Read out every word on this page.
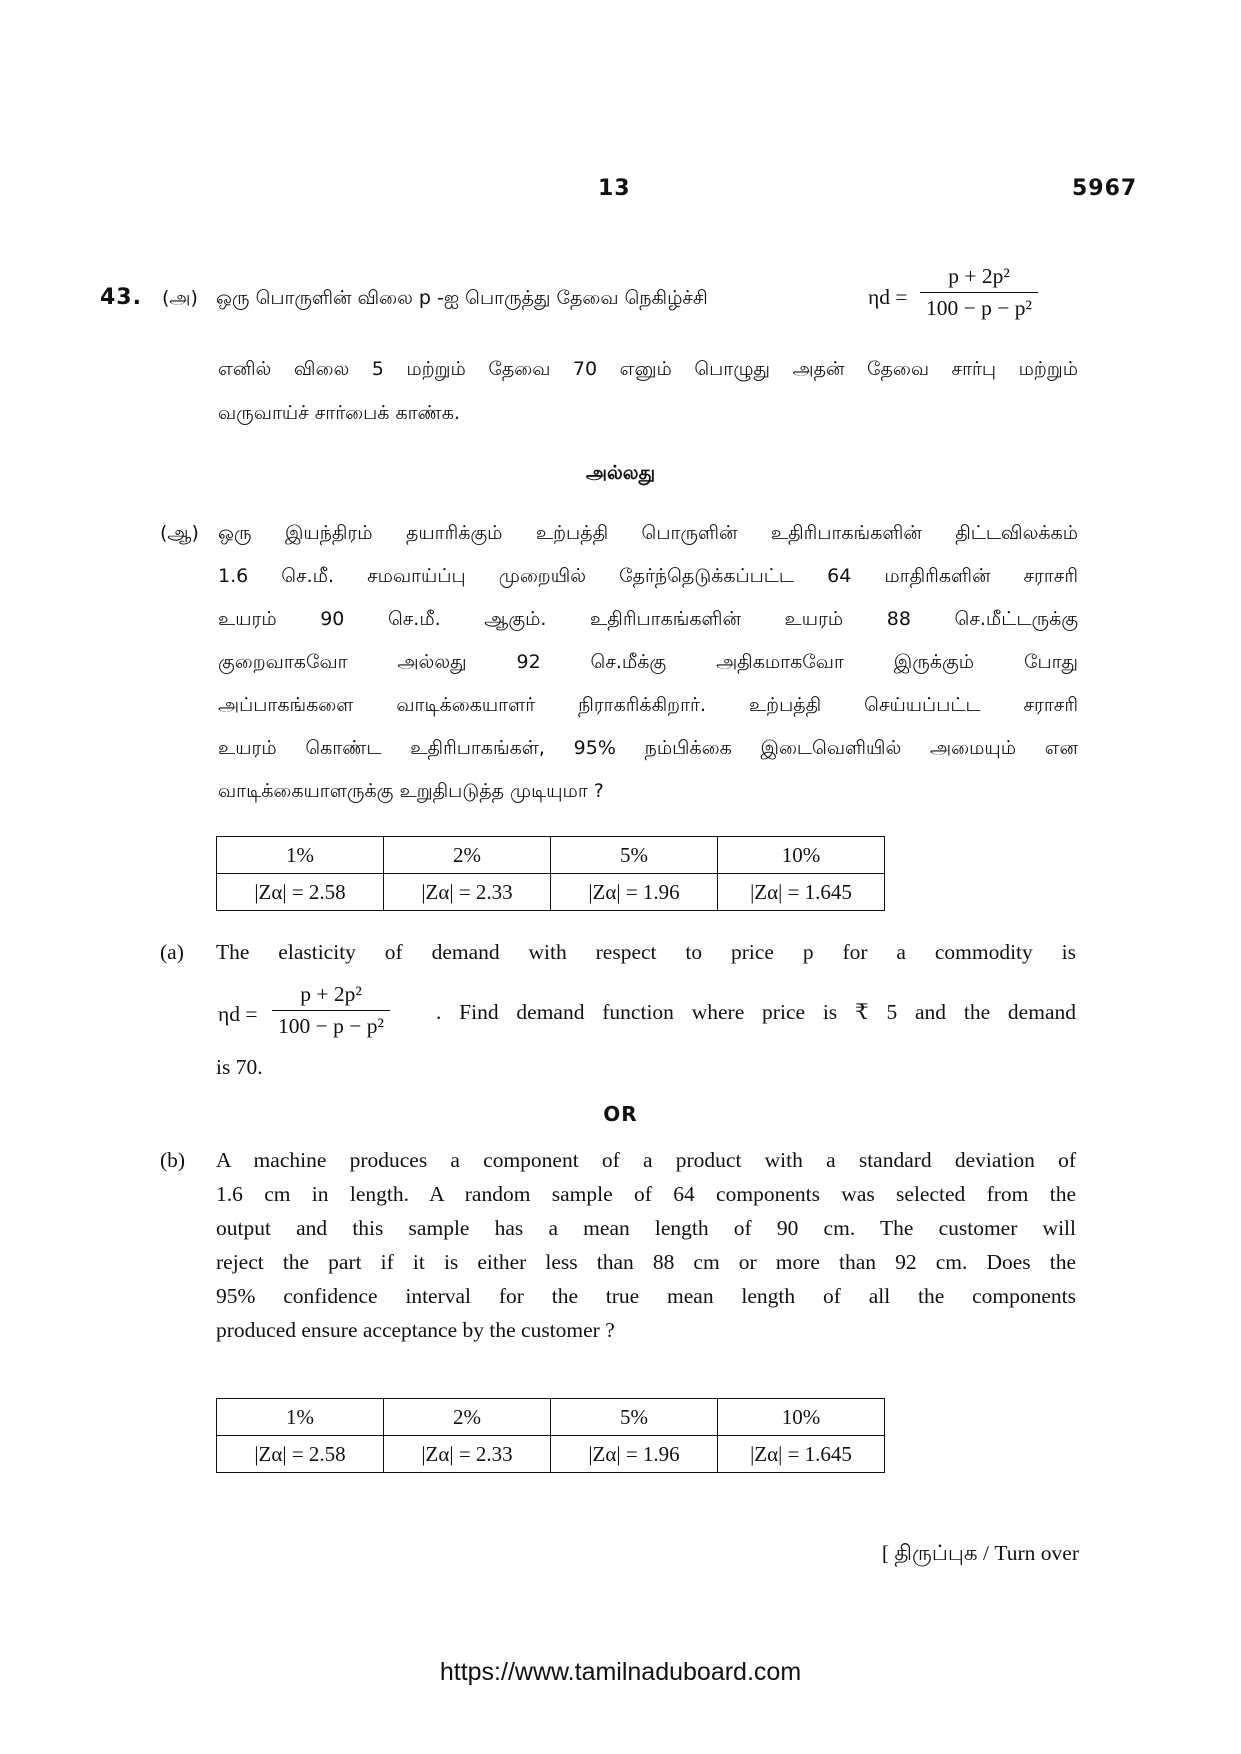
13	5967
43. (அ) ஒரு பொருளின் விலை p -ஐ பொருத்து தேவை நெகிழ்ச்சி	$\eta d = \frac{\text{p + 2p²}}{\text{100 − p − p²}}$
எனில் விலை 5 மற்றும் தேவை 70 எனும் பொழுது அதன் தேவை சார்பு மற்றும்
வருவாய்ச் சார்பைக் காண்க.
அல்லது
(ஆ) ஒரு இயந்திரம் தயாரிக்கும் உற்பத்தி பொருளின் உதிரிபாகங்களின் திட்டவிலக்கம்
1.6 செ.மீ. சமவாய்ப்பு முறையில் தேர்ந்தெடுக்கப்பட்ட 64 மாதிரிகளின் சராசரி
உயரம் 90 செ.மீ. ஆகும். உதிரிபாகங்களின் உயரம் 88 செ.மீட்டருக்கு
குறைவாகவோ அல்லது 92 செ.மீக்கு அதிகமாகவோ இருக்கும் போது
அப்பாகங்களை வாடிக்கையாளர் நிராகரிக்கிறார். உற்பத்தி செய்யப்பட்ட சராசரி
உயரம் கொண்ட உதிரிபாகங்கள், 95% நம்பிக்கை இடைவெளியில் அமையும் என
வாடிக்கையாளருக்கு உறுதிபடுத்த முடியுமா ?
1%	2%	5%	10%
|Zα| = 2.58	|Zα| = 2.33	|Zα| = 1.96	|Zα| = 1.645
(a) The elasticity of demand with respect to price p for a commodity is
$\eta d = \frac{\text{p + 2p²}}{\text{100 − p − p²}}$ . Find demand function where price is ₹ 5 and the demand
is 70.
OR
(b) A machine produces a component of a product with a standard deviation of
1.6 cm in length. A random sample of 64 components was selected from the
output and this sample has a mean length of 90 cm. The customer will
reject the part if it is either less than 88 cm or more than 92 cm. Does the
95% confidence interval for the true mean length of all the components
produced ensure acceptance by the customer ?
1%	2%	5%	10%
|Zα| = 2.58	|Zα| = 2.33	|Zα| = 1.96	|Zα| = 1.645
[ திருப்புக / Turn over
https://www.tamilnaduboard.com
